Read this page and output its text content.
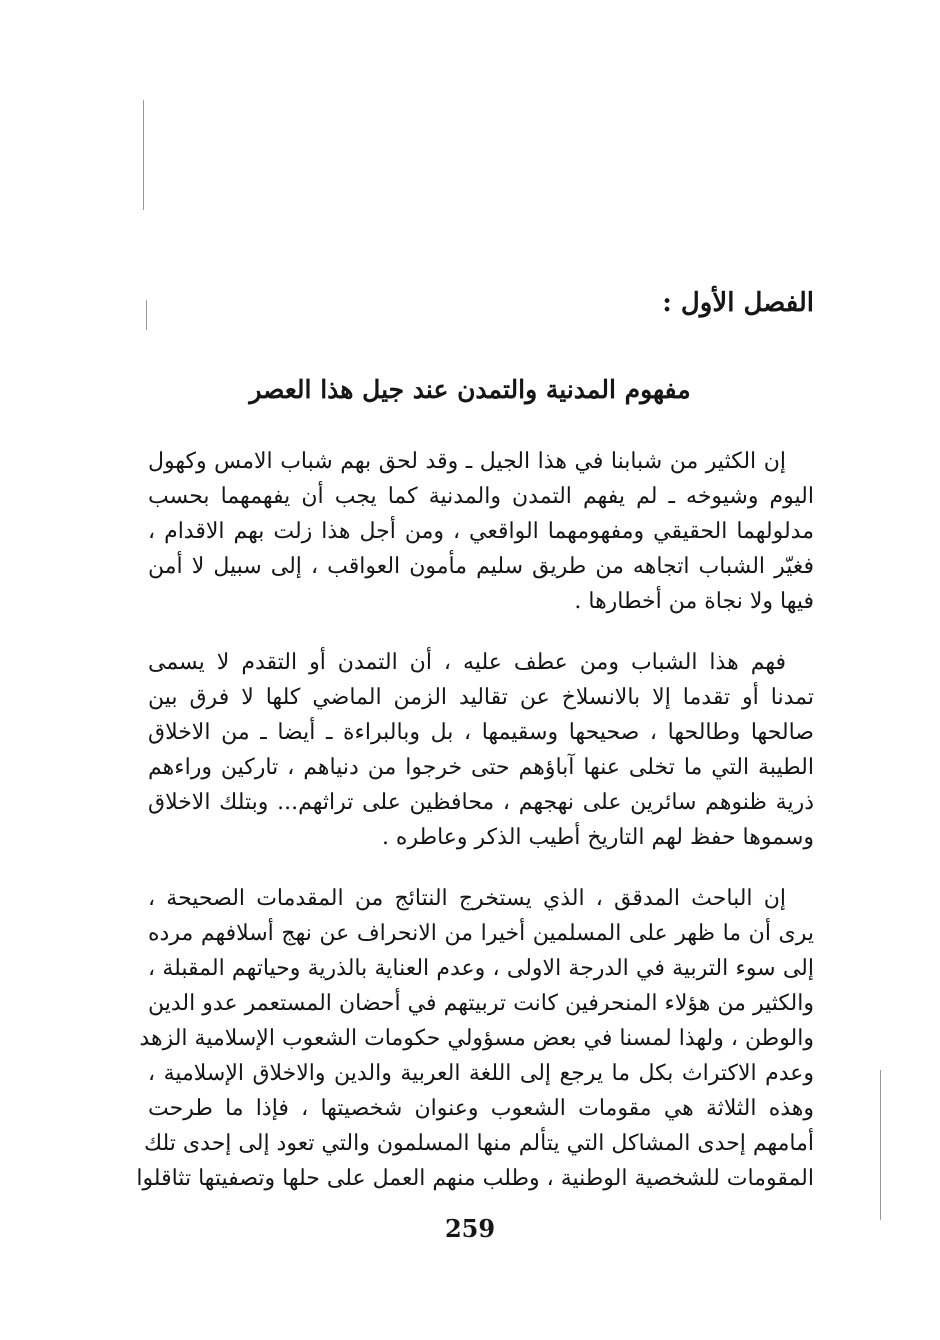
الفصل الأول :
مفهوم المدنية والتمدن عند جيل هذا العصر

إن الكثير من شبابنا في هذا الجيل ـ وقد لحق بهم شباب الامس وكهول
اليوم وشيوخه ـ لم يفهم التمدن والمدنية كما يجب أن يفهمهما بحسب
مدلولهما الحقيقي ومفهومهما الواقعي ، ومن أجل هذا زلت بهم الاقدام ،
فغيّر الشباب اتجاهه من طريق سليم مأمون العواقب ، إلى سبيل لا أمن
فيها ولا نجاة من أخطارها .

فهم هذا الشباب ومن عطف عليه ، أن التمدن أو التقدم لا يسمى
تمدنا أو تقدما إلا بالانسلاخ عن تقاليد الزمن الماضي كلها لا فرق بين
صالحها وطالحها ، صحيحها وسقيمها ، بل وبالبراءة ـ أيضا ـ من الاخلاق
الطيبة التي ما تخلى عنها آباؤهم حتى خرجوا من دنياهم ، تاركين وراءهم
ذرية ظنوهم سائرين على نهجهم ، محافظين على تراثهم... وبتلك الاخلاق
وسموها حفظ لهم التاريخ أطيب الذكر وعاطره .

إن الباحث المدقق ، الذي يستخرج النتائج من المقدمات الصحيحة ،
يرى أن ما ظهر على المسلمين أخيرا من الانحراف عن نهج أسلافهم مرده
إلى سوء التربية في الدرجة الاولى ، وعدم العناية بالذرية وحياتهم المقبلة ،
والكثير من هؤلاء المنحرفين كانت تربيتهم في أحضان المستعمر عدو الدين
والوطن ، ولهذا لمسنا في بعض مسؤولي حكومات الشعوب الإسلامية الزهد
وعدم الاكتراث بكل ما يرجع إلى اللغة العربية والدين والاخلاق الإسلامية ،
وهذه الثلاثة هي مقومات الشعوب وعنوان شخصيتها ، فإذا ما طرحت
أمامهم إحدى المشاكل التي يتألم منها المسلمون والتي تعود إلى إحدى تلك
المقومات للشخصية الوطنية ، وطلب منهم العمل على حلها وتصفيتها تثاقلوا

259
